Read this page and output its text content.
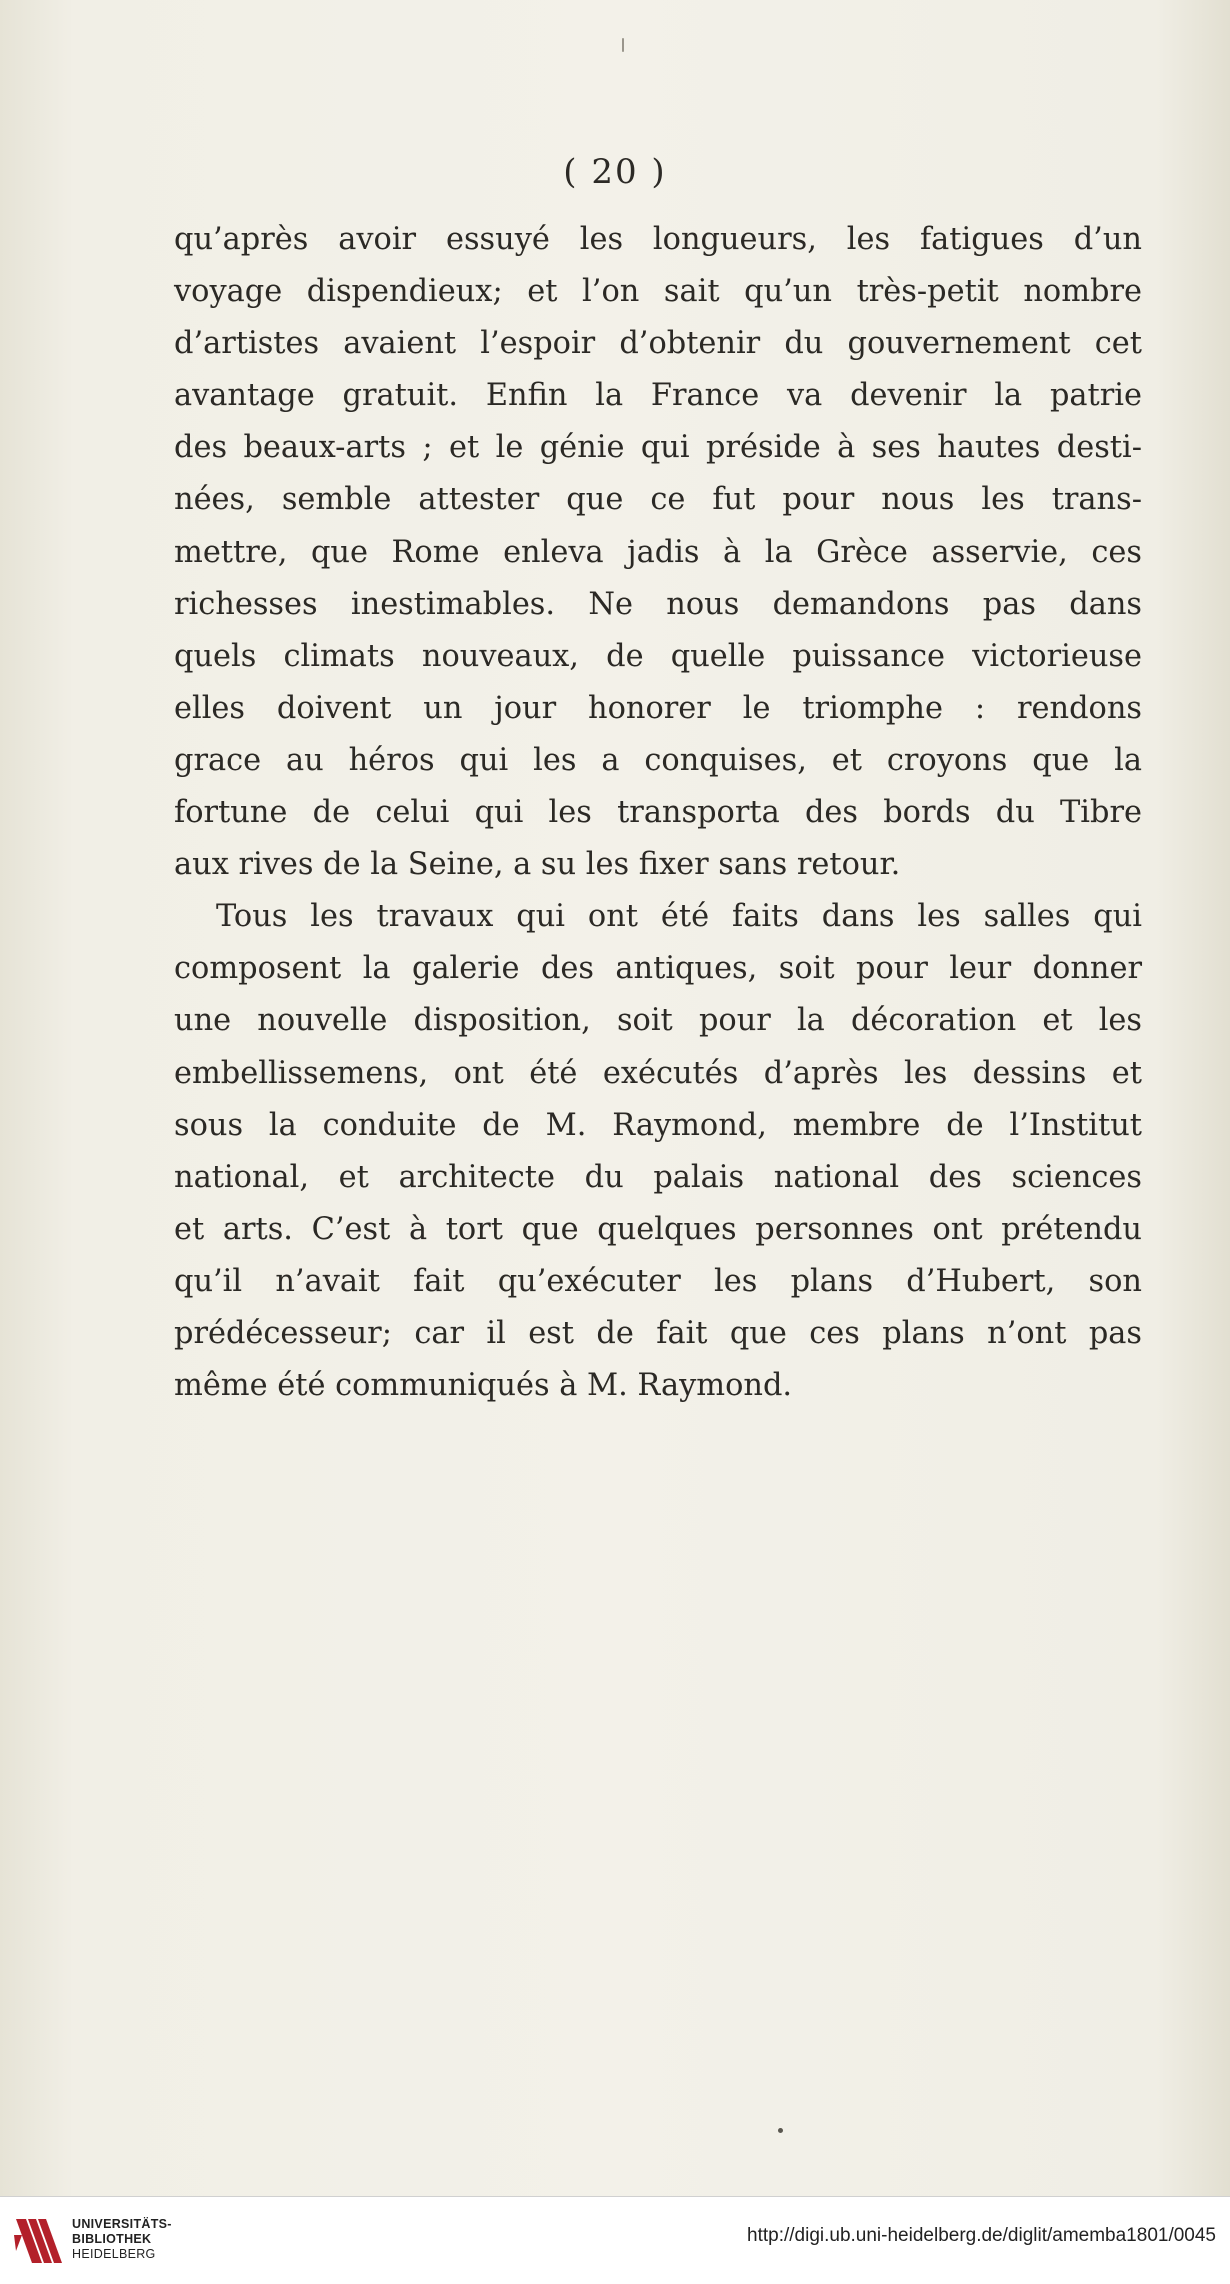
( 20 )
qu’après avoir essuyé les longueurs, les fatigues d’un
voyage dispendieux; et l’on sait qu’un très-petit nombre
d’artistes avaient l’espoir d’obtenir du gouvernement cet
avantage gratuit. Enfin la France va devenir la patrie
des beaux-arts ; et le génie qui préside à ses hautes desti-
nées, semble attester que ce fut pour nous les trans-
mettre, que Rome enleva jadis à la Grèce asservie, ces
richesses inestimables. Ne nous demandons pas dans
quels climats nouveaux, de quelle puissance victorieuse
elles doivent un jour honorer le triomphe : rendons
grace au héros qui les a conquises, et croyons que la
fortune de celui qui les transporta des bords du Tibre
aux rives de la Seine, a su les fixer sans retour.
Tous les travaux qui ont été faits dans les salles qui
composent la galerie des antiques, soit pour leur donner
une nouvelle disposition, soit pour la décoration et les
embellissemens, ont été exécutés d’après les dessins et
sous la conduite de M. Raymond, membre de l’Institut
national, et architecte du palais national des sciences
et arts. C’est à tort que quelques personnes ont prétendu
qu’il n’avait fait qu’exécuter les plans d’Hubert, son
prédécesseur; car il est de fait que ces plans n’ont pas
même été communiqués à M. Raymond.

UNIVERSITÄTS-
BIBLIOTHEK
HEIDELBERG
http://digi.ub.uni-heidelberg.de/diglit/amemba1801/0045
